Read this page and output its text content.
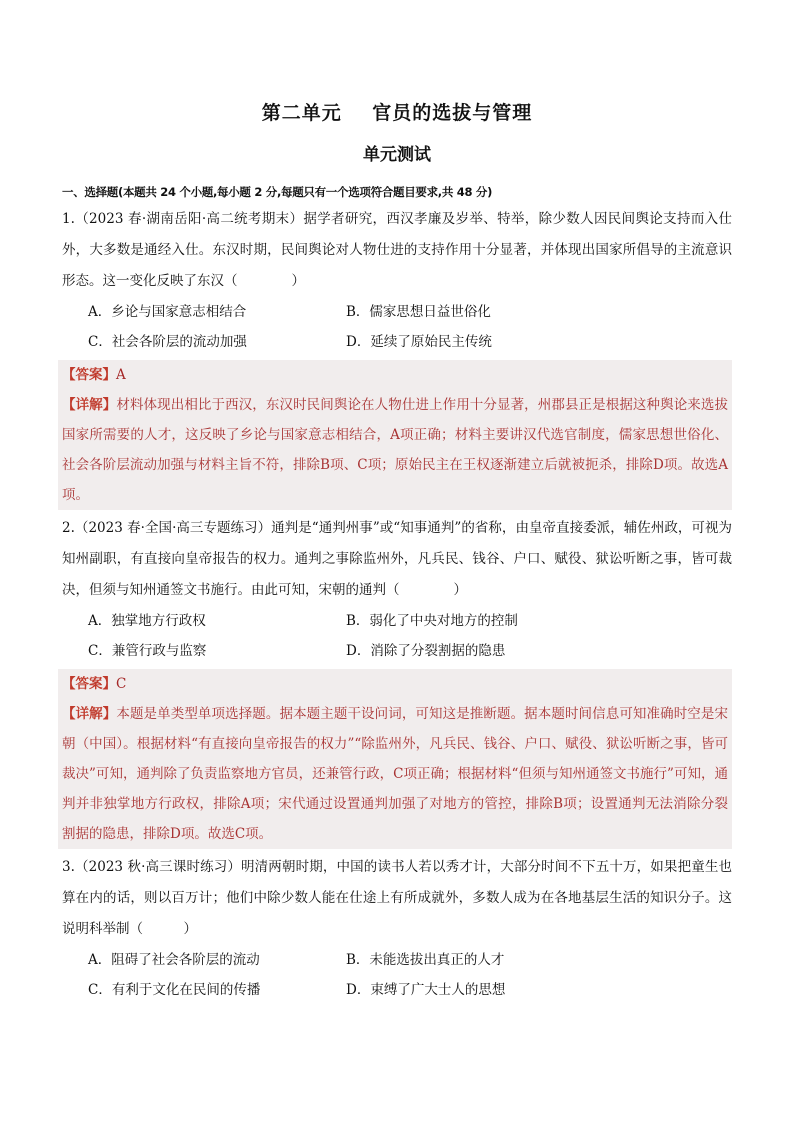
第二单元    官员的选拔与管理
单元测试
一、选择题(本题共 24 个小题,每小题 2 分,每题只有一个选项符合题目要求,共 48 分)
1.（2023 春·湖南岳阳·高二统考期末）据学者研究，西汉孝廉及岁举、特举，除少数人因民间舆论支持而入仕外，大多数是通经入仕。东汉时期，民间舆论对人物仕进的支持作用十分显著，并体现出国家所倡导的主流意识形态。这一变化反映了东汉（　　　　）
A．乡论与国家意志相结合	B．儒家思想日益世俗化
C．社会各阶层的流动加强	D．延续了原始民主传统
【答案】A
【详解】材料体现出相比于西汉，东汉时民间舆论在人物仕进上作用十分显著，州郡县正是根据这种舆论来选拔国家所需要的人才，这反映了乡论与国家意志相结合，A项正确；材料主要讲汉代选官制度，儒家思想世俗化、社会各阶层流动加强与材料主旨不符，排除B项、C项；原始民主在王权逐渐建立后就被扼杀，排除D项。故选A项。
2.（2023 春·全国·高三专题练习）通判是“通判州事”或“知事通判”的省称，由皇帝直接委派，辅佐州政，可视为知州副职，有直接向皇帝报告的权力。通判之事除监州外，凡兵民、钱谷、户口、赋役、狱讼听断之事，皆可裁决，但须与知州通签文书施行。由此可知，宋朝的通判（　　　　）
A．独掌地方行政权	B．弱化了中央对地方的控制
C．兼管行政与监察	D．消除了分裂割据的隐患
【答案】C
【详解】本题是单类型单项选择题。据本题主题干设问词，可知这是推断题。据本题时间信息可知准确时空是宋朝（中国）。根据材料“有直接向皇帝报告的权力”“除监州外，凡兵民、钱谷、户口、赋役、狱讼听断之事，皆可裁决”可知，通判除了负责监察地方官员，还兼管行政，C项正确；根据材料“但须与知州通签文书施行”可知，通判并非独掌地方行政权，排除A项；宋代通过设置通判加强了对地方的管控，排除B项；设置通判无法消除分裂割据的隐患，排除D项。故选C项。
3.（2023 秋·高三课时练习）明清两朝时期，中国的读书人若以秀才计，大部分时间不下五十万，如果把童生也算在内的话，则以百万计；他们中除少数人能在仕途上有所成就外，多数人成为在各地基层生活的知识分子。这说明科举制（　　　）
A．阻碍了社会各阶层的流动	B．未能选拔出真正的人才
C．有利于文化在民间的传播	D．束缚了广大士人的思想
